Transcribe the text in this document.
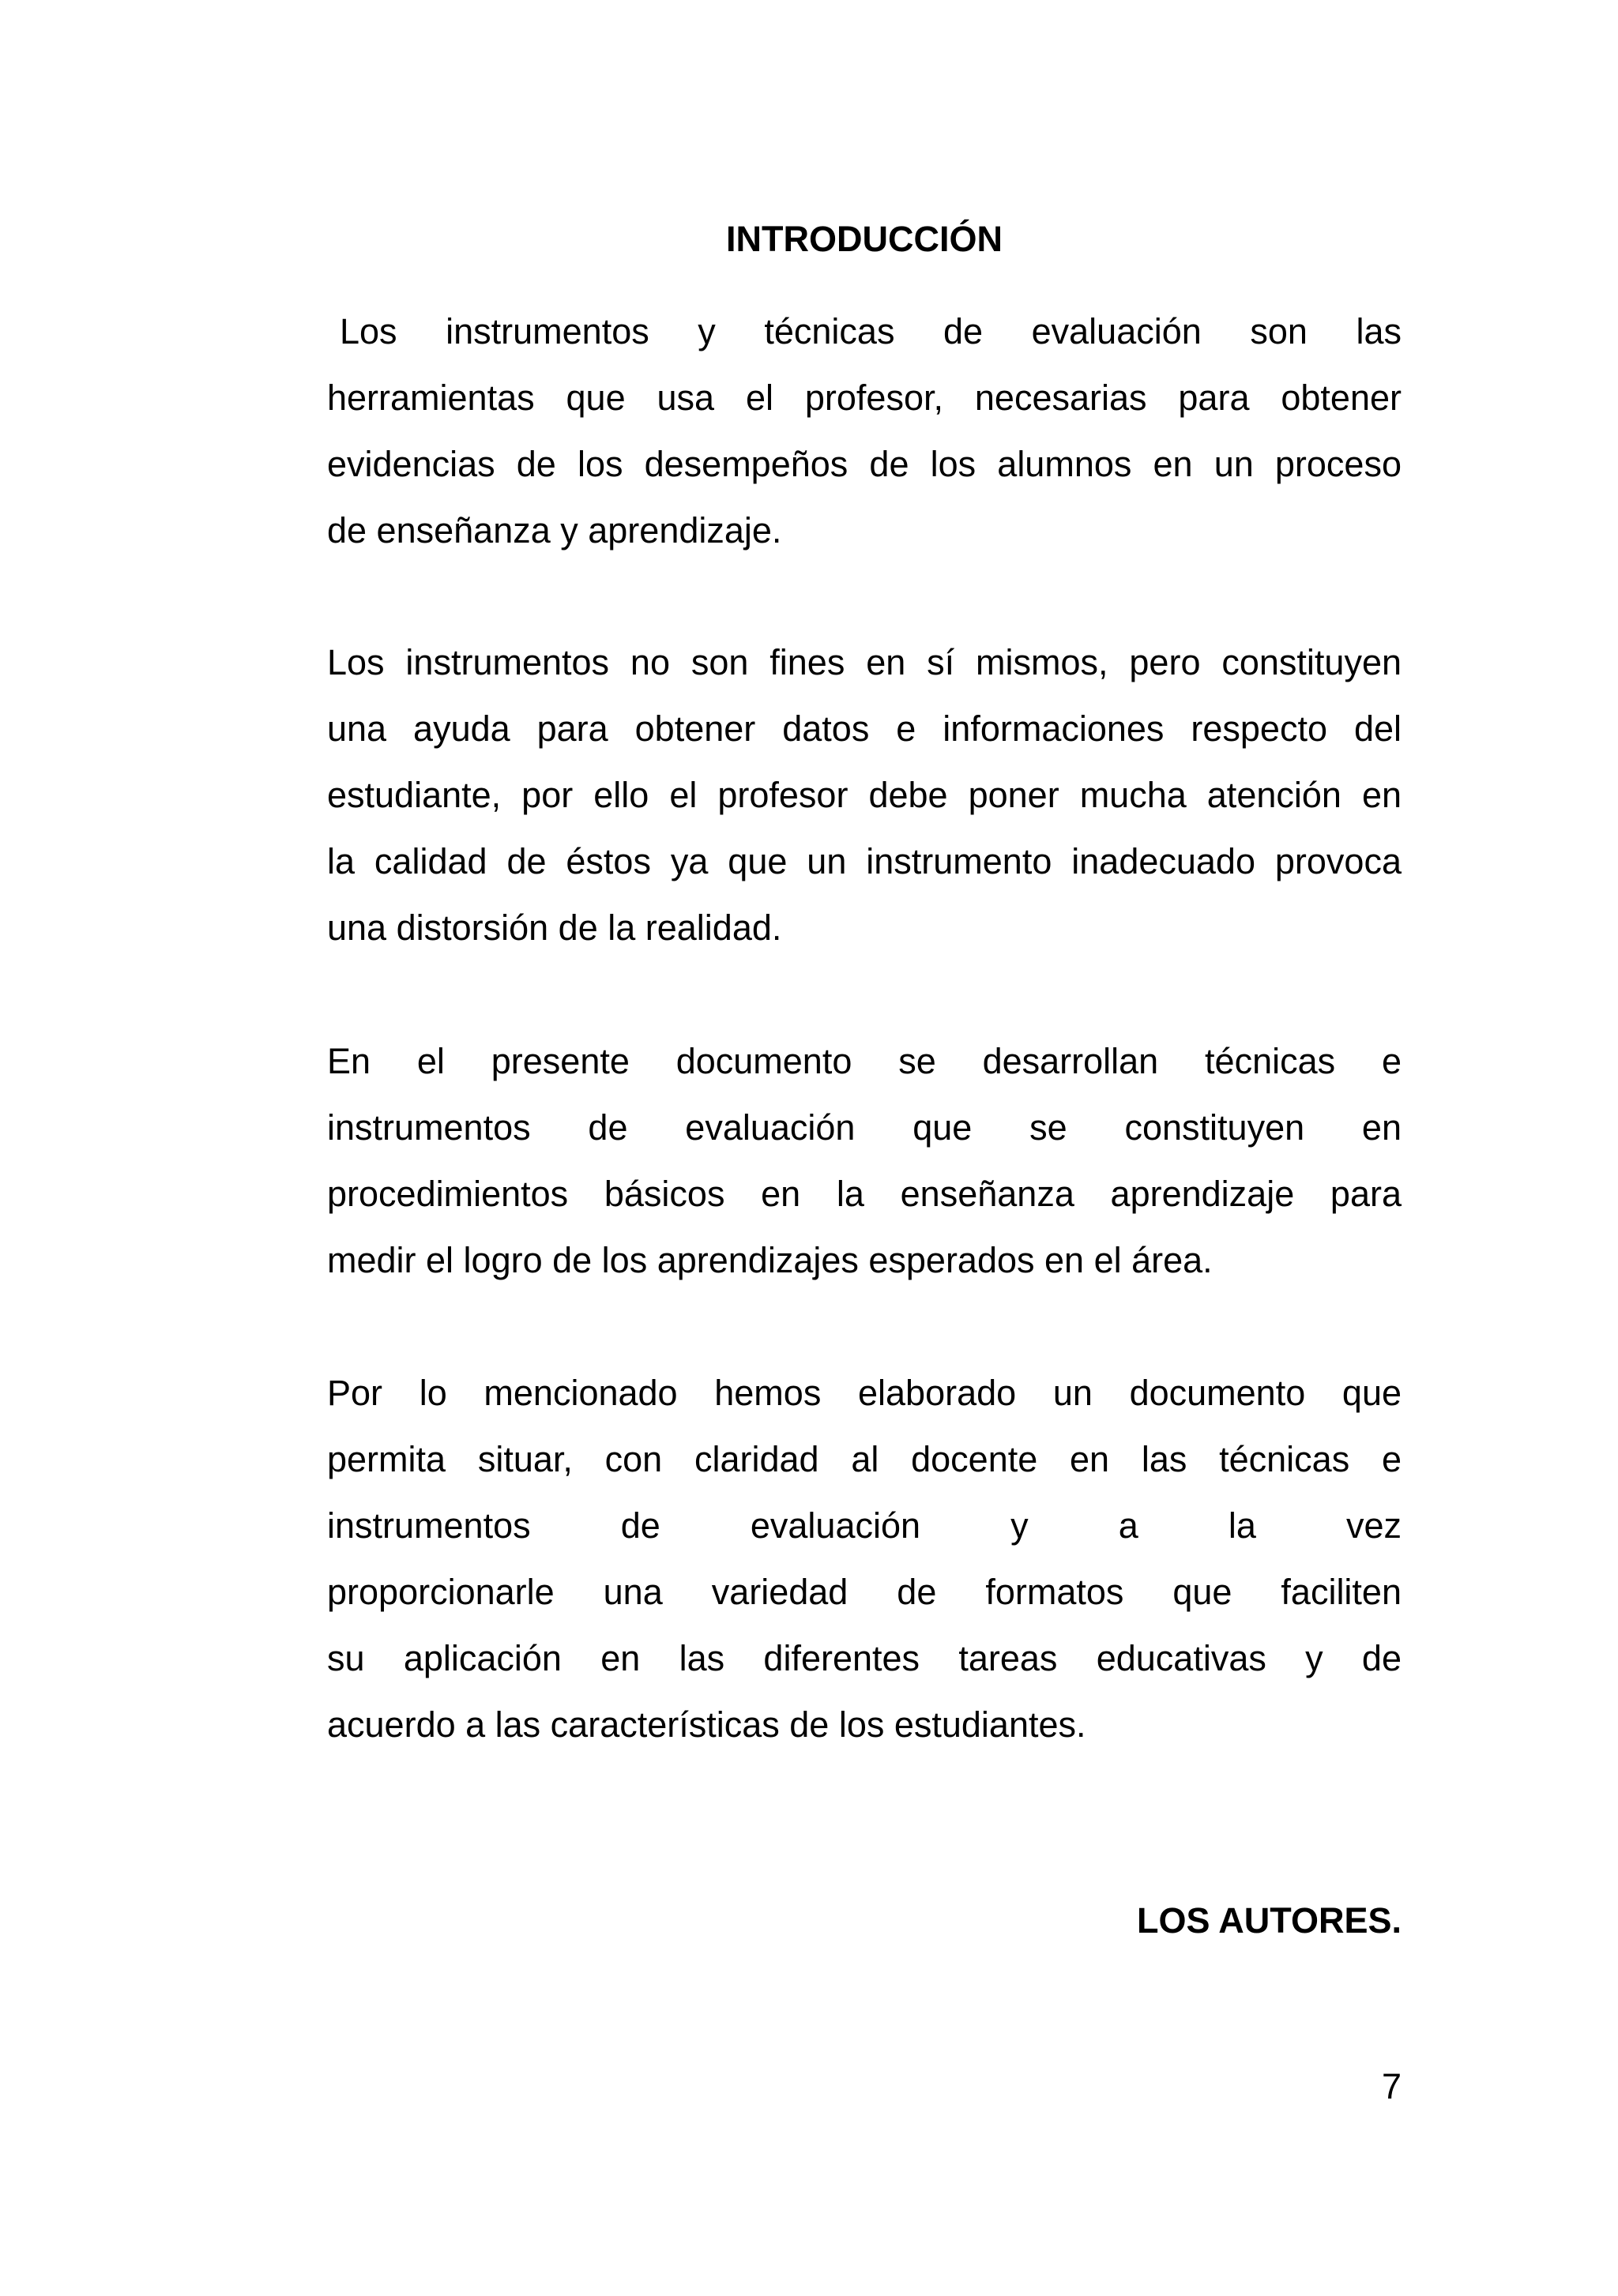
INTRODUCCIÓN

Los instrumentos y técnicas de evaluación son las
herramientas que usa el profesor, necesarias para obtener
evidencias de los desempeños de los alumnos en un proceso
de enseñanza y aprendizaje.

Los instrumentos no son fines en sí mismos, pero constituyen
una ayuda para obtener datos e informaciones respecto del
estudiante, por ello el profesor debe poner mucha atención en
la calidad de éstos ya que un instrumento inadecuado provoca
una distorsión de la realidad.

En el presente documento se desarrollan técnicas e
instrumentos de evaluación que se constituyen en
procedimientos básicos en la enseñanza aprendizaje para
medir el logro de los aprendizajes esperados en el área.

Por lo mencionado hemos elaborado un documento que
permita situar, con claridad al docente en las técnicas e
instrumentos	de evaluación y a la vez
proporcionarle una variedad de formatos que faciliten
su aplicación en las diferentes tareas educativas y de
acuerdo a las características de los estudiantes.

LOS AUTORES.
7
